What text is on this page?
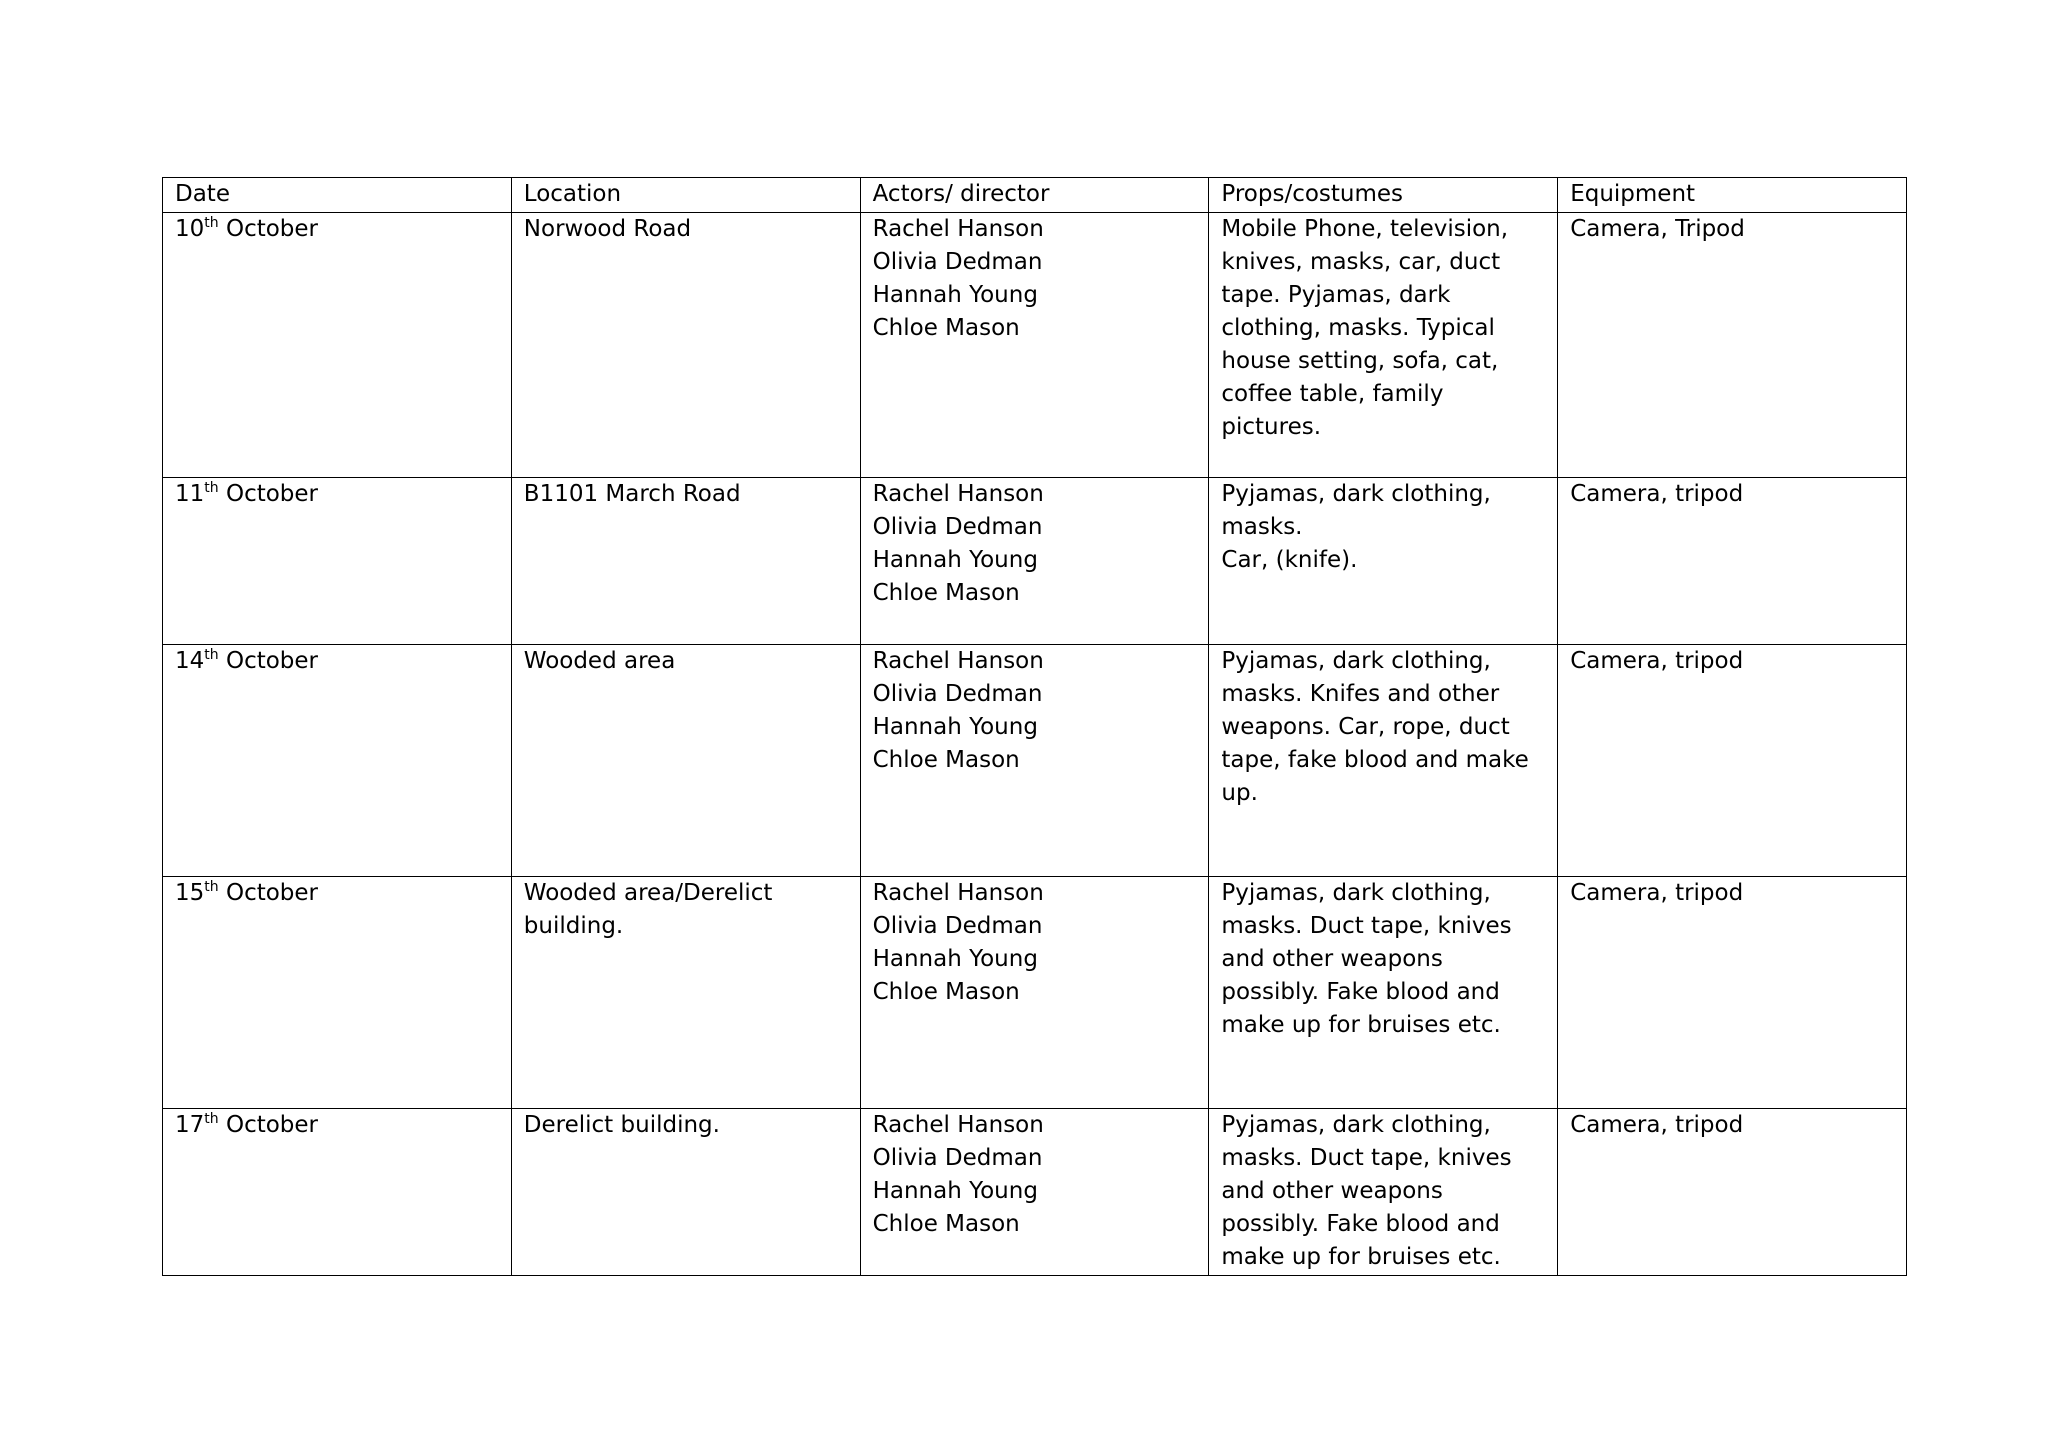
Date	Location	Actors/ director	Props/costumes	Equipment
10th October	Norwood Road	Rachel Hanson
Olivia Dedman
Hannah Young
Chloe Mason	Mobile Phone, television, knives, masks, car, duct tape. Pyjamas, dark clothing, masks. Typical house setting, sofa, cat, coffee table, family pictures.	Camera, Tripod
11th October	B1101 March Road	Rachel Hanson
Olivia Dedman
Hannah Young
Chloe Mason	Pyjamas, dark clothing, masks.
Car, (knife).	Camera, tripod
14th October	Wooded area	Rachel Hanson
Olivia Dedman
Hannah Young
Chloe Mason	Pyjamas, dark clothing, masks. Knifes and other weapons. Car, rope, duct tape, fake blood and make up.	Camera, tripod
15th October	Wooded area/Derelict building.	Rachel Hanson
Olivia Dedman
Hannah Young
Chloe Mason	Pyjamas, dark clothing, masks. Duct tape, knives and other weapons possibly. Fake blood and make up for bruises etc.	Camera, tripod
17th October	Derelict building.	Rachel Hanson
Olivia Dedman
Hannah Young
Chloe Mason	Pyjamas, dark clothing, masks. Duct tape, knives and other weapons possibly. Fake blood and make up for bruises etc.	Camera, tripod
